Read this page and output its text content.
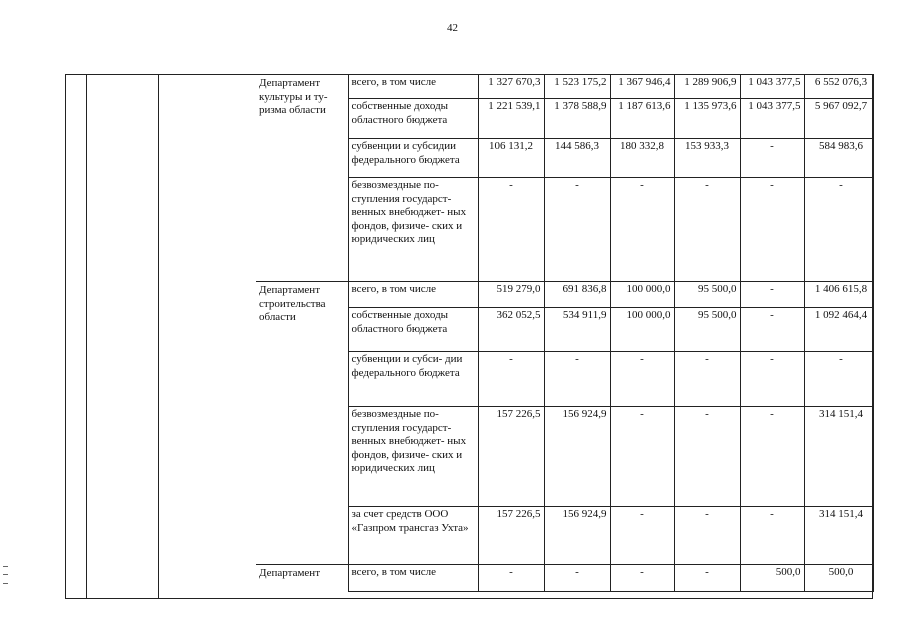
42
Департамент культуры и ту- ризма области	всего, в том числе	1 327 670,3	1 523 175,2	1 367 946,4	1 289 906,9	1 043 377,5	6 552 076,3
	собственные доходы областного бюджета	1 221 539,1	1 378 588,9	1 187 613,6	1 135 973,6	1 043 377,5	5 967 092,7
	субвенции и субсидии федерального бюджета	106 131,2	144 586,3	180 332,8	153 933,3	-	584 983,6
	безвозмездные по- ступления государст- венных внебюджет- ных фондов, физиче- ских и юридических лиц	-	-	-	-	-	-
Департамент строительства области	всего, в том числе	519 279,0	691 836,8	100 000,0	95 500,0	-	1 406 615,8
	собственные доходы областного бюджета	362 052,5	534 911,9	100 000,0	95 500,0	-	1 092 464,4
	субвенции и субси- дии федерального бюджета	-	-	-	-	-	-
	безвозмездные по- ступления государст- венных внебюджет- ных фондов, физиче- ских и юридических лиц	157 226,5	156 924,9	-	-	-	314 151,4
	за счет средств ООО «Газпром трансгаз Ухта»	157 226,5	156 924,9	-	-	-	314 151,4
Департамент	всего, в том числе	-	-	-	-	500,0	500,0
